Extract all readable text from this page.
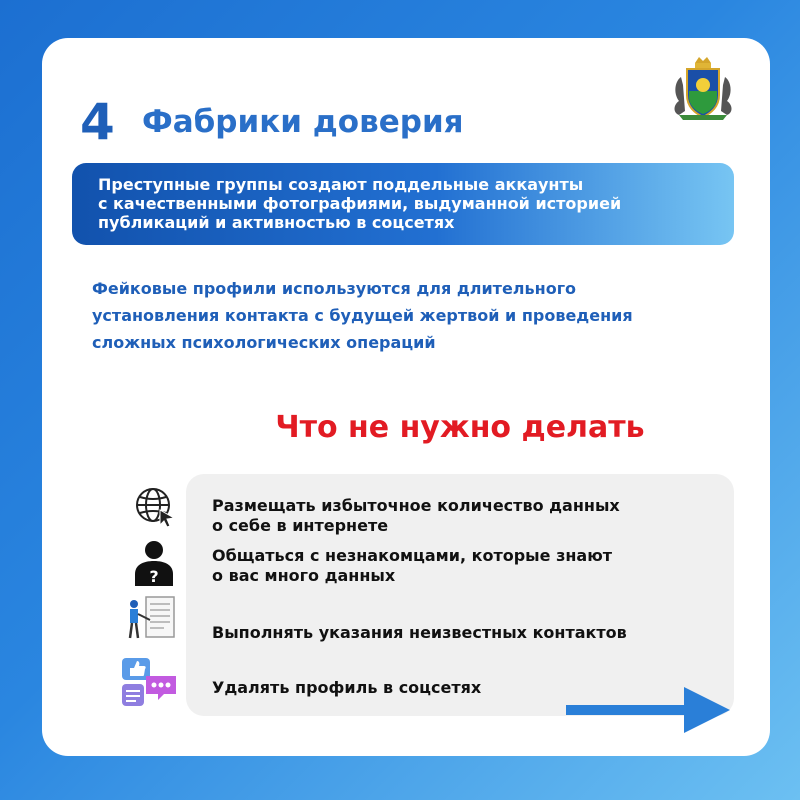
4 Фабрики доверия
Преступные группы создают поддельные аккаунты
с качественными фотографиями, выдуманной историей
публикаций и активностью в соцсетях
Фейковые профили используются для длительного
установления контакта с будущей жертвой и проведения
сложных психологических операций
Что не нужно делать
Размещать избыточное количество данных
о себе в интернете
?
Общаться с незнакомцами, которые знают
о вас много данных
Выполнять указания неизвестных контактов
Удалять профиль в соцсетях
